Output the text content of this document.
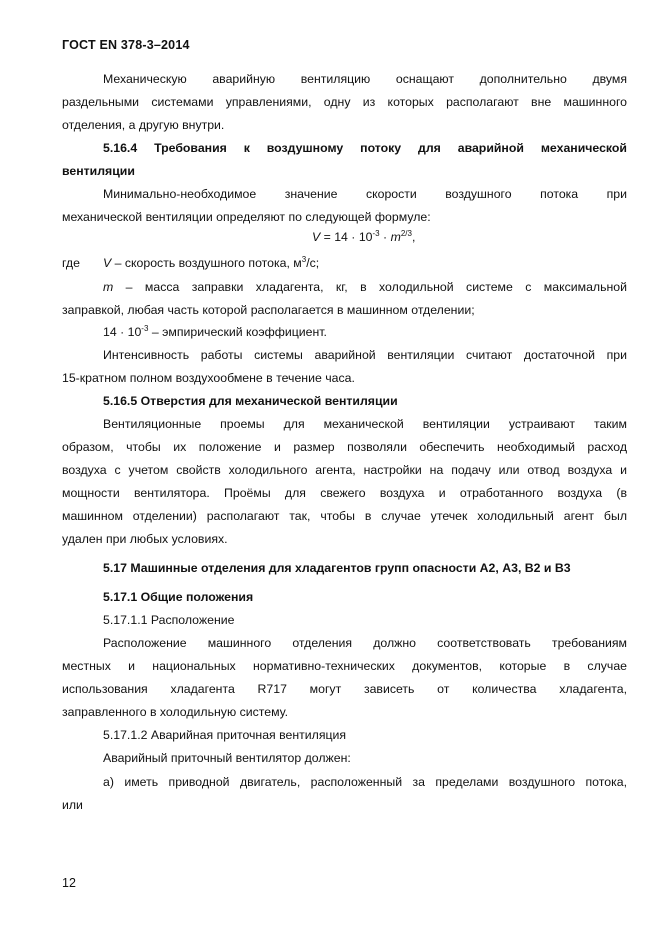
ГОСТ EN 378-3–2014
Механическую аварийную вентиляцию оснащают дополнительно двумя
раздельными системами управлениями, одну из которых располагают вне машинного
отделения, а другую внутри.
5.16.4 Требования к воздушному потоку для аварийной механической
вентиляции
Минимально-необходимое значение скорости воздушного потока при
механической вентиляции определяют по следующей формуле:
$V = 14 \cdot 10^{-3} \cdot m^{2/3}$,
где V – скорость воздушного потока, $м^3/с$;
m – масса заправки хладагента, кг, в холодильной системе с максимальной
заправкой, любая часть которой располагается в машинном отделении;
$14 \cdot 10^{-3}$ – эмпирический коэффициент.
Интенсивность работы системы аварийной вентиляции считают достаточной при
15-кратном полном воздухообмене в течение часа.
5.16.5 Отверстия для механической вентиляции
Вентиляционные проемы для механической вентиляции устраивают таким
образом, чтобы их положение и размер позволяли обеспечить необходимый расход
воздуха с учетом свойств холодильного агента, настройки на подачу или отвод воздуха и
мощности вентилятора. Проёмы для свежего воздуха и отработанного воздуха (в
машинном отделении) располагают так, чтобы в случае утечек холодильный агент был
удален при любых условиях.
5.17 Машинные отделения для хладагентов групп опасности А2, А3, В2 и В3
5.17.1 Общие положения
5.17.1.1 Расположение
Расположение машинного отделения должно соответствовать требованиям
местных и национальных нормативно-технических документов, которые в случае
использования хладагента R717 могут зависеть от количества хладагента,
заправленного в холодильную систему.
5.17.1.2 Аварийная приточная вентиляция
Аварийный приточный вентилятор должен:
а) иметь приводной двигатель, расположенный за пределами воздушного потока,
или
12
